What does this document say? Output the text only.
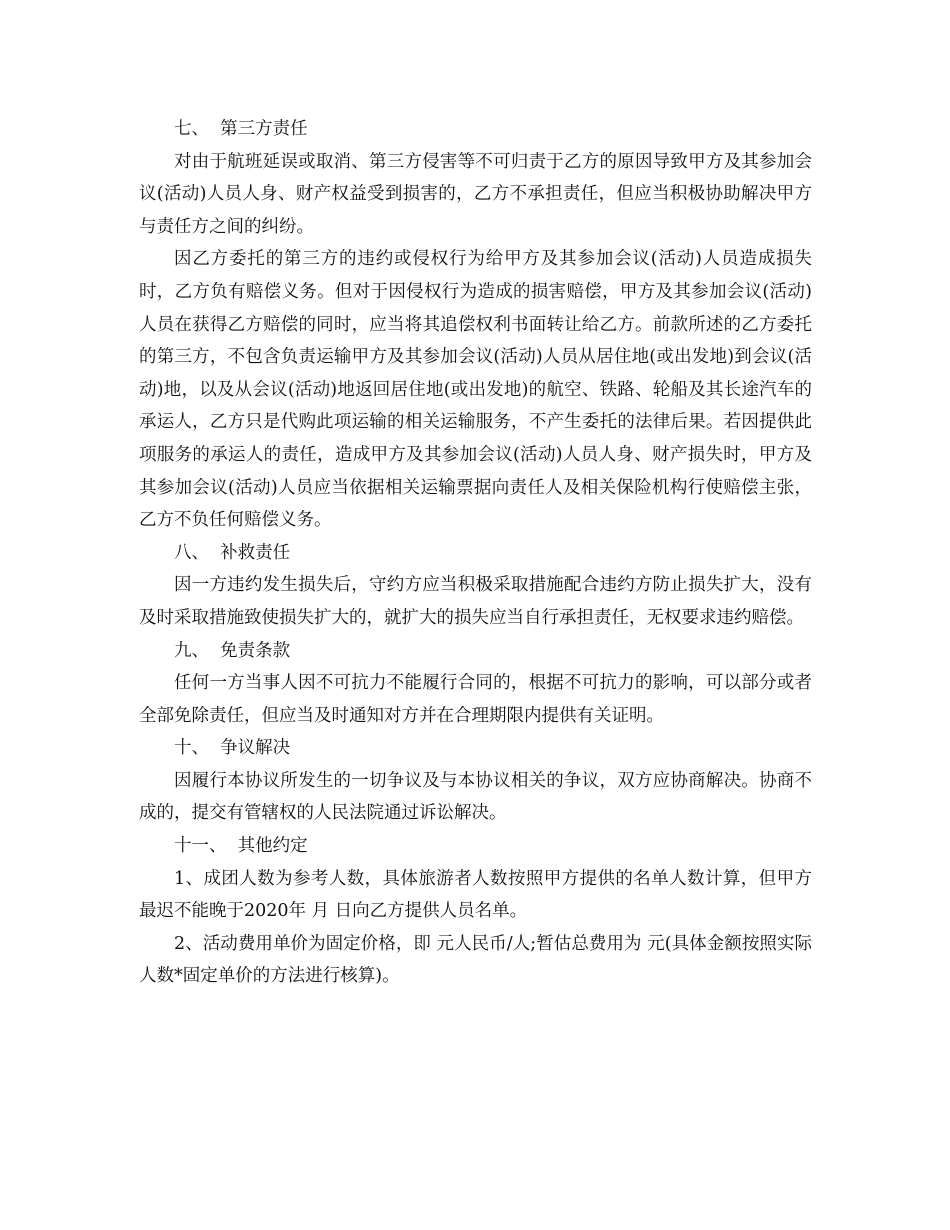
七、  第三方责任

对由于航班延误或取消、第三方侵害等不可归责于乙方的原因导致甲方及其参加会议(活动)人员人身、财产权益受到损害的，乙方不承担责任，但应当积极协助解决甲方与责任方之间的纠纷。

因乙方委托的第三方的违约或侵权行为给甲方及其参加会议(活动)人员造成损失时，乙方负有赔偿义务。但对于因侵权行为造成的损害赔偿，甲方及其参加会议(活动)人员在获得乙方赔偿的同时，应当将其追偿权利书面转让给乙方。前款所述的乙方委托的第三方，不包含负责运输甲方及其参加会议(活动)人员从居住地(或出发地)到会议(活动)地，以及从会议(活动)地返回居住地(或出发地)的航空、铁路、轮船及其长途汽车的承运人，乙方只是代购此项运输的相关运输服务，不产生委托的法律后果。若因提供此项服务的承运人的责任，造成甲方及其参加会议(活动)人员人身、财产损失时，甲方及其参加会议(活动)人员应当依据相关运输票据向责任人及相关保险机构行使赔偿主张，乙方不负任何赔偿义务。

八、  补救责任

因一方违约发生损失后，守约方应当积极采取措施配合违约方防止损失扩大，没有及时采取措施致使损失扩大的，就扩大的损失应当自行承担责任，无权要求违约赔偿。

九、  免责条款

任何一方当事人因不可抗力不能履行合同的，根据不可抗力的影响，可以部分或者全部免除责任，但应当及时通知对方并在合理期限内提供有关证明。

十、  争议解决

因履行本协议所发生的一切争议及与本协议相关的争议，双方应协商解决。协商不成的，提交有管辖权的人民法院通过诉讼解决。

十一、  其他约定

1、成团人数为参考人数，具体旅游者人数按照甲方提供的名单人数计算，但甲方最迟不能晚于2020年 月 日向乙方提供人员名单。

2、活动费用单价为固定价格，即 元人民币/人;暂估总费用为 元(具体金额按照实际人数*固定单价的方法进行核算)。
